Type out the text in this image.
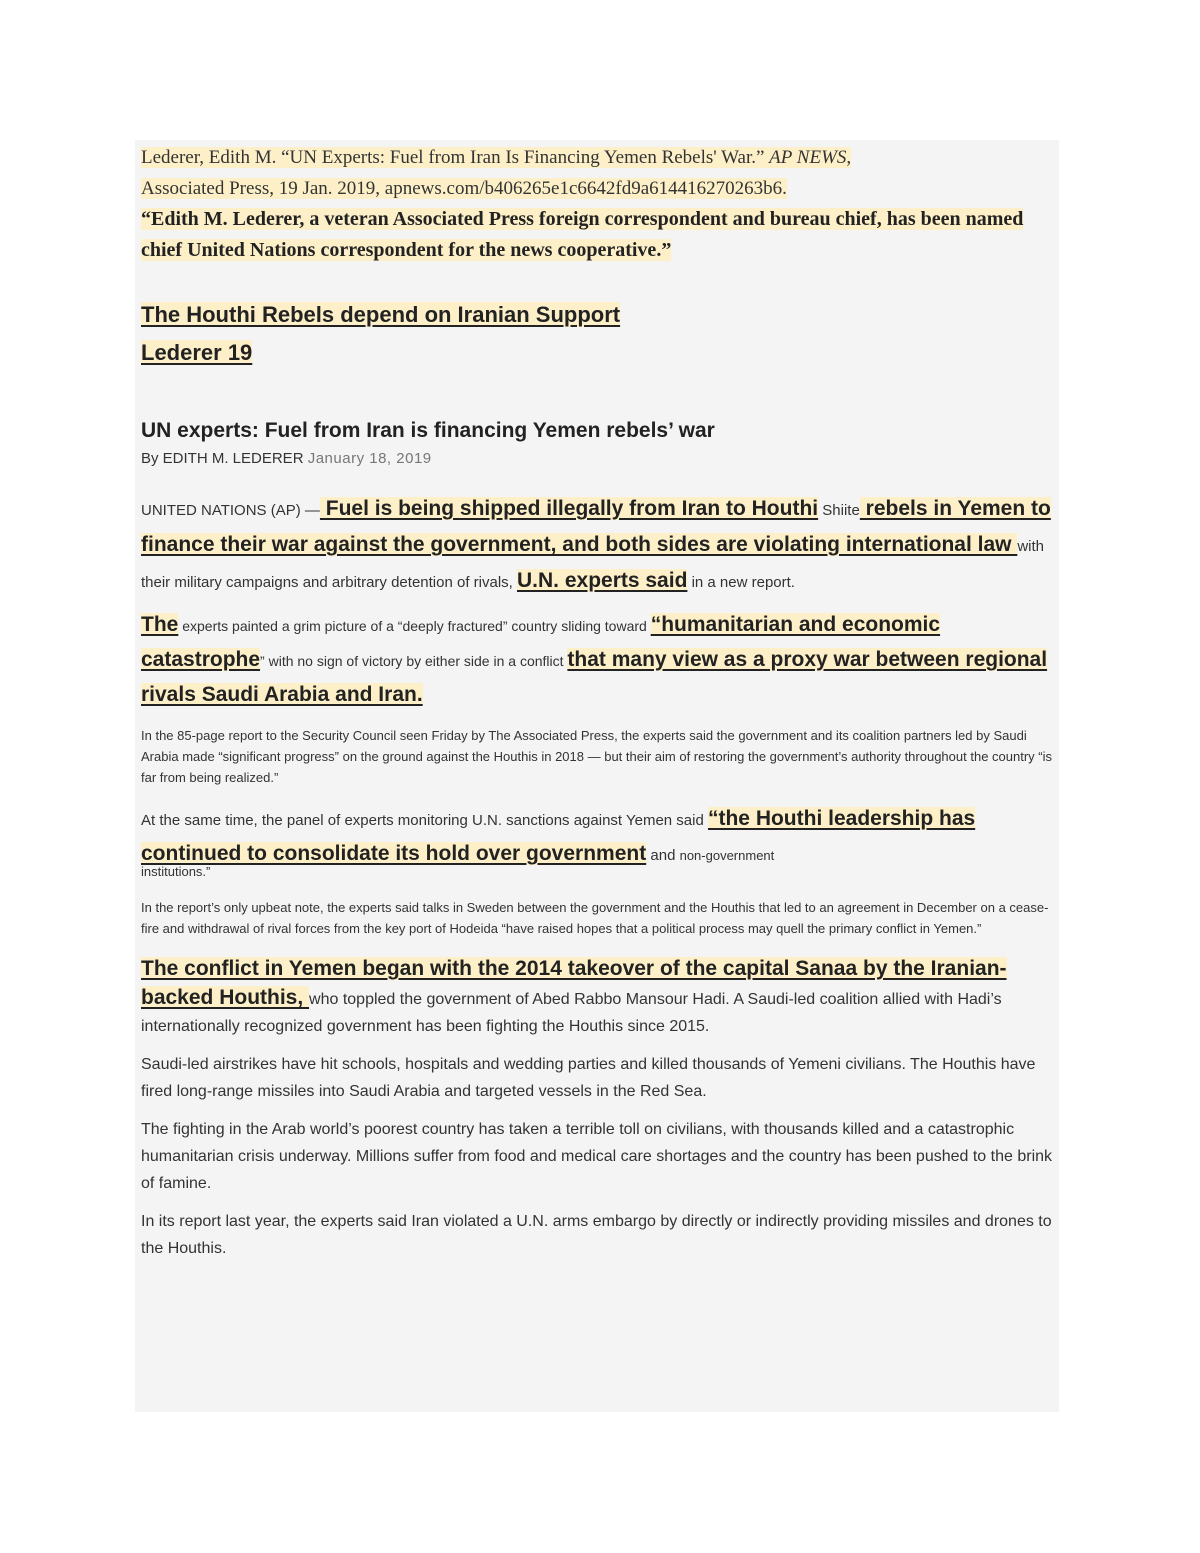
Lederer, Edith M. “UN Experts: Fuel from Iran Is Financing Yemen Rebels' War.” AP NEWS,
Associated Press, 19 Jan. 2019, apnews.com/b406265e1c6642fd9a614416270263b6.

“Edith M. Lederer, a veteran Associated Press foreign correspondent and bureau chief, has been named chief United Nations correspondent for the news cooperative.”

The Houthi Rebels depend on Iranian Support

Lederer 19

UN experts: Fuel from Iran is financing Yemen rebels’ war

By EDITH M. LEDERER January 18, 2019

UNITED NATIONS (AP) — Fuel is being shipped illegally from Iran to Houthi Shiite rebels in Yemen to finance their war against the government, and both sides are violating international law with their military campaigns and arbitrary detention of rivals, U.N. experts said in a new report.

The experts painted a grim picture of a “deeply fractured” country sliding toward “humanitarian and economic catastrophe” with no sign of victory by either side in a conflict that many view as a proxy war between regional rivals Saudi Arabia and Iran.

In the 85-page report to the Security Council seen Friday by The Associated Press, the experts said the government and its coalition partners led by Saudi Arabia made “significant progress” on the ground against the Houthis in 2018 — but their aim of restoring the government’s authority throughout the country “is far from being realized.”

At the same time, the panel of experts monitoring U.N. sanctions against Yemen said “the Houthi leadership has continued to consolidate its hold over government and non-government
institutions.”

In the report’s only upbeat note, the experts said talks in Sweden between the government and the Houthis that led to an agreement in December on a cease-fire and withdrawal of rival forces from the key port of Hodeida “have raised hopes that a political process may quell the primary conflict in Yemen.”

The conflict in Yemen began with the 2014 takeover of the capital Sanaa by the Iranian-backed Houthis, who toppled the government of Abed Rabbo Mansour Hadi. A Saudi-led coalition allied with Hadi’s internationally recognized government has been fighting the Houthis since 2015.

Saudi-led airstrikes have hit schools, hospitals and wedding parties and killed thousands of Yemeni civilians. The Houthis have fired long-range missiles into Saudi Arabia and targeted vessels in the Red Sea.

The fighting in the Arab world’s poorest country has taken a terrible toll on civilians, with thousands killed and a catastrophic humanitarian crisis underway. Millions suffer from food and medical care shortages and the country has been pushed to the brink of famine.

In its report last year, the experts said Iran violated a U.N. arms embargo by directly or indirectly providing missiles and drones to the Houthis.
